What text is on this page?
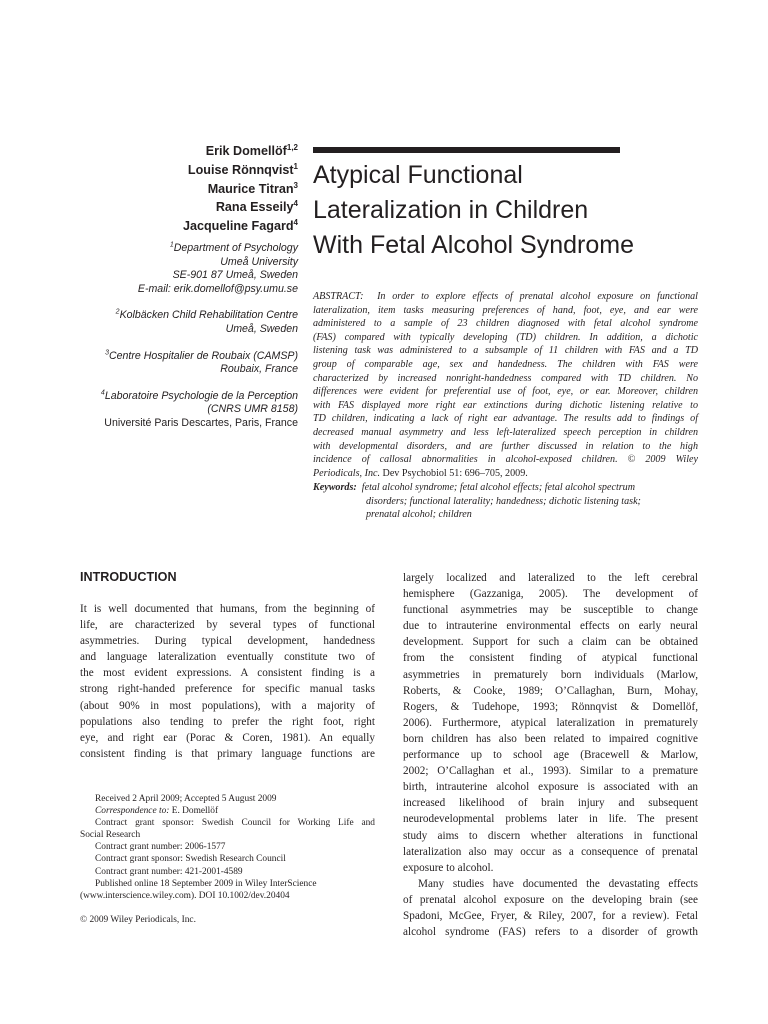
Erik Domellöf$^{1,2}$
Louise Rönnqvist$^1$
Maurice Titran$^3$
Rana Esseily$^4$
Jacqueline Fagard$^4$
$^1$Department of Psychology
Umeå University
SE-901 87 Umeå, Sweden
E-mail: erik.domellof@psy.umu.se
$^2$Kolbäcken Child Rehabilitation Centre
Umeå, Sweden
$^3$Centre Hospitalier de Roubaix (CAMSP)
Roubaix, France
$^4$Laboratoire Psychologie de la Perception
(CNRS UMR 8158)
Université Paris Descartes, Paris, France
Atypical Functional
Lateralization in Children
With Fetal Alcohol Syndrome
ABSTRACT: In order to explore effects of prenatal alcohol exposure on functional
lateralization, item tasks measuring preferences of hand, foot, eye, and ear were
administered to a sample of 23 children diagnosed with fetal alcohol syndrome
(FAS) compared with typically developing (TD) children. In addition, a dichotic
listening task was administered to a subsample of 11 children with FAS and a TD
group of comparable age, sex and handedness. The children with FAS were
characterized by increased nonright-handedness compared with TD children. No
differences were evident for preferential use of foot, eye, or ear. Moreover, children
with FAS displayed more right ear extinctions during dichotic listening relative to
TD children, indicating a lack of right ear advantage. The results add to findings of
decreased manual asymmetry and less left-lateralized speech perception in children
with developmental disorders, and are further discussed in relation to the high
incidence of callosal abnormalities in alcohol-exposed children. © 2009 Wiley
Periodicals, Inc. Dev Psychobiol 51: 696–705, 2009.
Keywords: fetal alcohol syndrome; fetal alcohol effects; fetal alcohol spectrum
disorders; functional laterality; handedness; dichotic listening task;
prenatal alcohol; children
INTRODUCTION
It is well documented that humans, from the beginning of
life, are characterized by several types of functional
asymmetries. During typical development, handedness
and language lateralization eventually constitute two of
the most evident expressions. A consistent finding is a
strong right-handed preference for specific manual tasks
(about 90% in most populations), with a majority of
populations also tending to prefer the right foot, right
eye, and right ear (Porac & Coren, 1981). An equally
consistent finding is that primary language functions are
largely localized and lateralized to the left cerebral
hemisphere (Gazzaniga, 2005). The development of
functional asymmetries may be susceptible to change
due to intrauterine environmental effects on early neural
development. Support for such a claim can be obtained
from the consistent finding of atypical functional
asymmetries in prematurely born individuals (Marlow,
Roberts, & Cooke, 1989; O’Callaghan, Burn, Mohay,
Rogers, & Tudehope, 1993; Rönnqvist & Domellöf,
2006). Furthermore, atypical lateralization in prematurely
born children has also been related to impaired cognitive
performance up to school age (Bracewell & Marlow,
2002; O’Callaghan et al., 1993). Similar to a premature
birth, intrauterine alcohol exposure is associated with an
increased likelihood of brain injury and subsequent
neurodevelopmental problems later in life. The present
study aims to discern whether alterations in functional
lateralization also may occur as a consequence of prenatal
exposure to alcohol.
Many studies have documented the devastating effects
of prenatal alcohol exposure on the developing brain (see
Spadoni, McGee, Fryer, & Riley, 2007, for a review). Fetal
alcohol syndrome (FAS) refers to a disorder of growth
Received 2 April 2009; Accepted 5 August 2009
Correspondence to: E. Domellöf
Contract grant sponsor: Swedish Council for Working Life and
Social Research
Contract grant number: 2006-1577
Contract grant sponsor: Swedish Research Council
Contract grant number: 421-2001-4589
Published online 18 September 2009 in Wiley InterScience
(www.interscience.wiley.com). DOI 10.1002/dev.20404
© 2009 Wiley Periodicals, Inc.
